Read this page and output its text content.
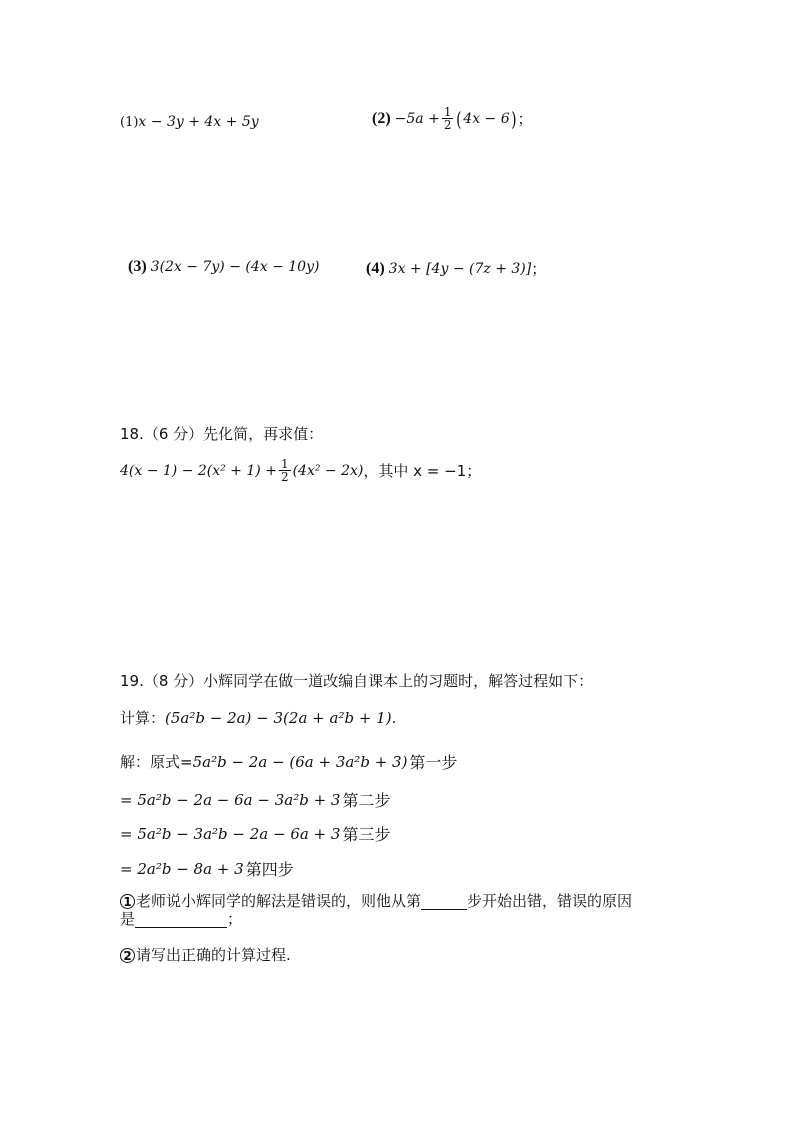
(1) x − 3y + 4x + 5y	$(2) -5a + \frac{1}{2}$ ( 4x − 6 ) ；
(3) 3(2x − 7y) − (4x − 10y)	(4) 3x + [4y − (7z + 3)] ；
18.（6 分）先化简，再求值：
$4(x - 1) - 2(x^2 + 1) + \frac{1}{2} (4x^2 - 2x)$ ，其中 x = −1；
19.（8 分）小辉同学在做一道改编自课本上的习题时，解答过程如下：
计算： (5a²b − 2a) − 3(2a + a²b + 1) .
解：原式= 5a²b − 2a − (6a + 3a²b + 3) 第一步
= 5a²b − 2a − 6a − 3a²b + 3 第二步
= 5a²b − 3a²b − 2a − 6a + 3 第三步
= 2a²b − 8a + 3 第四步
1 老师说小辉同学的解法是错误的，则他从第	步开始出错，错误的原因
是	；
2 请写出正确的计算过程.
